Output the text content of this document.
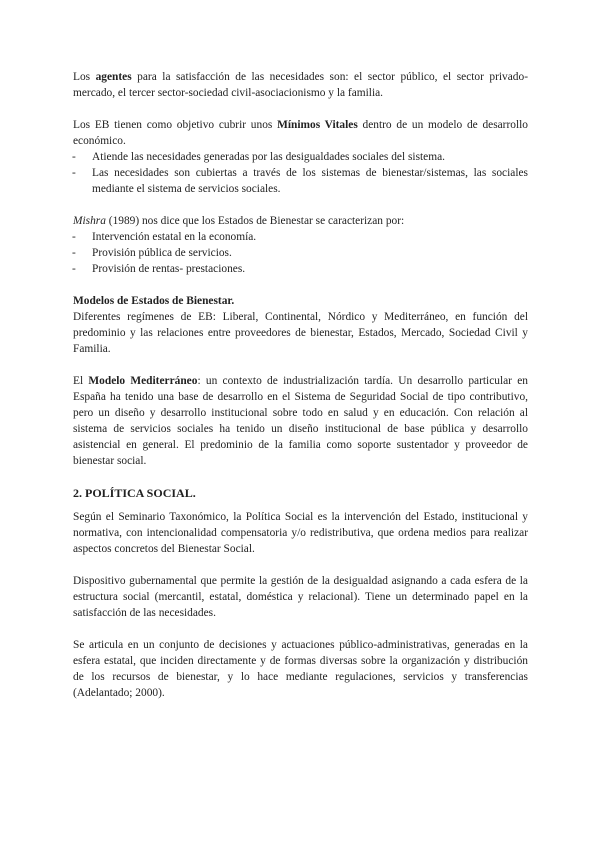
Los agentes para la satisfacción de las necesidades son: el sector público, el sector privado-mercado, el tercer sector-sociedad civil-asociacionismo y la familia.

Los EB tienen como objetivo cubrir unos Mínimos Vitales dentro de un modelo de desarrollo económico.

- Atiende las necesidades generadas por las desigualdades sociales del sistema.
- Las necesidades son cubiertas a través de los sistemas de bienestar/sistemas, las sociales mediante el sistema de servicios sociales.

Mishra (1989) nos dice que los Estados de Bienestar se caracterizan por:

- Intervención estatal en la economía.
- Provisión pública de servicios.
- Provisión de rentas- prestaciones.

Modelos de Estados de Bienestar.

Diferentes regímenes de EB: Liberal, Continental, Nórdico y Mediterráneo, en función del predominio y las relaciones entre proveedores de bienestar, Estados, Mercado, Sociedad Civil y Familia.

El Modelo Mediterráneo: un contexto de industrialización tardía. Un desarrollo particular en España ha tenido una base de desarrollo en el Sistema de Seguridad Social de tipo contributivo, pero un diseño y desarrollo institucional sobre todo en salud y en educación. Con relación al sistema de servicios sociales ha tenido un diseño institucional de base pública y desarrollo asistencial en general. El predominio de la familia como soporte sustentador y proveedor de bienestar social.

2. POLÍTICA SOCIAL.

Según el Seminario Taxonómico, la Política Social es la intervención del Estado, institucional y normativa, con intencionalidad compensatoria y/o redistributiva, que ordena medios para realizar aspectos concretos del Bienestar Social.

Dispositivo gubernamental que permite la gestión de la desigualdad asignando a cada esfera de la estructura social (mercantil, estatal, doméstica y relacional). Tiene un determinado papel en la satisfacción de las necesidades.

Se articula en un conjunto de decisiones y actuaciones público-administrativas, generadas en la esfera estatal, que inciden directamente y de formas diversas sobre la organización y distribución de los recursos de bienestar, y lo hace mediante regulaciones, servicios y transferencias (Adelantado; 2000).
